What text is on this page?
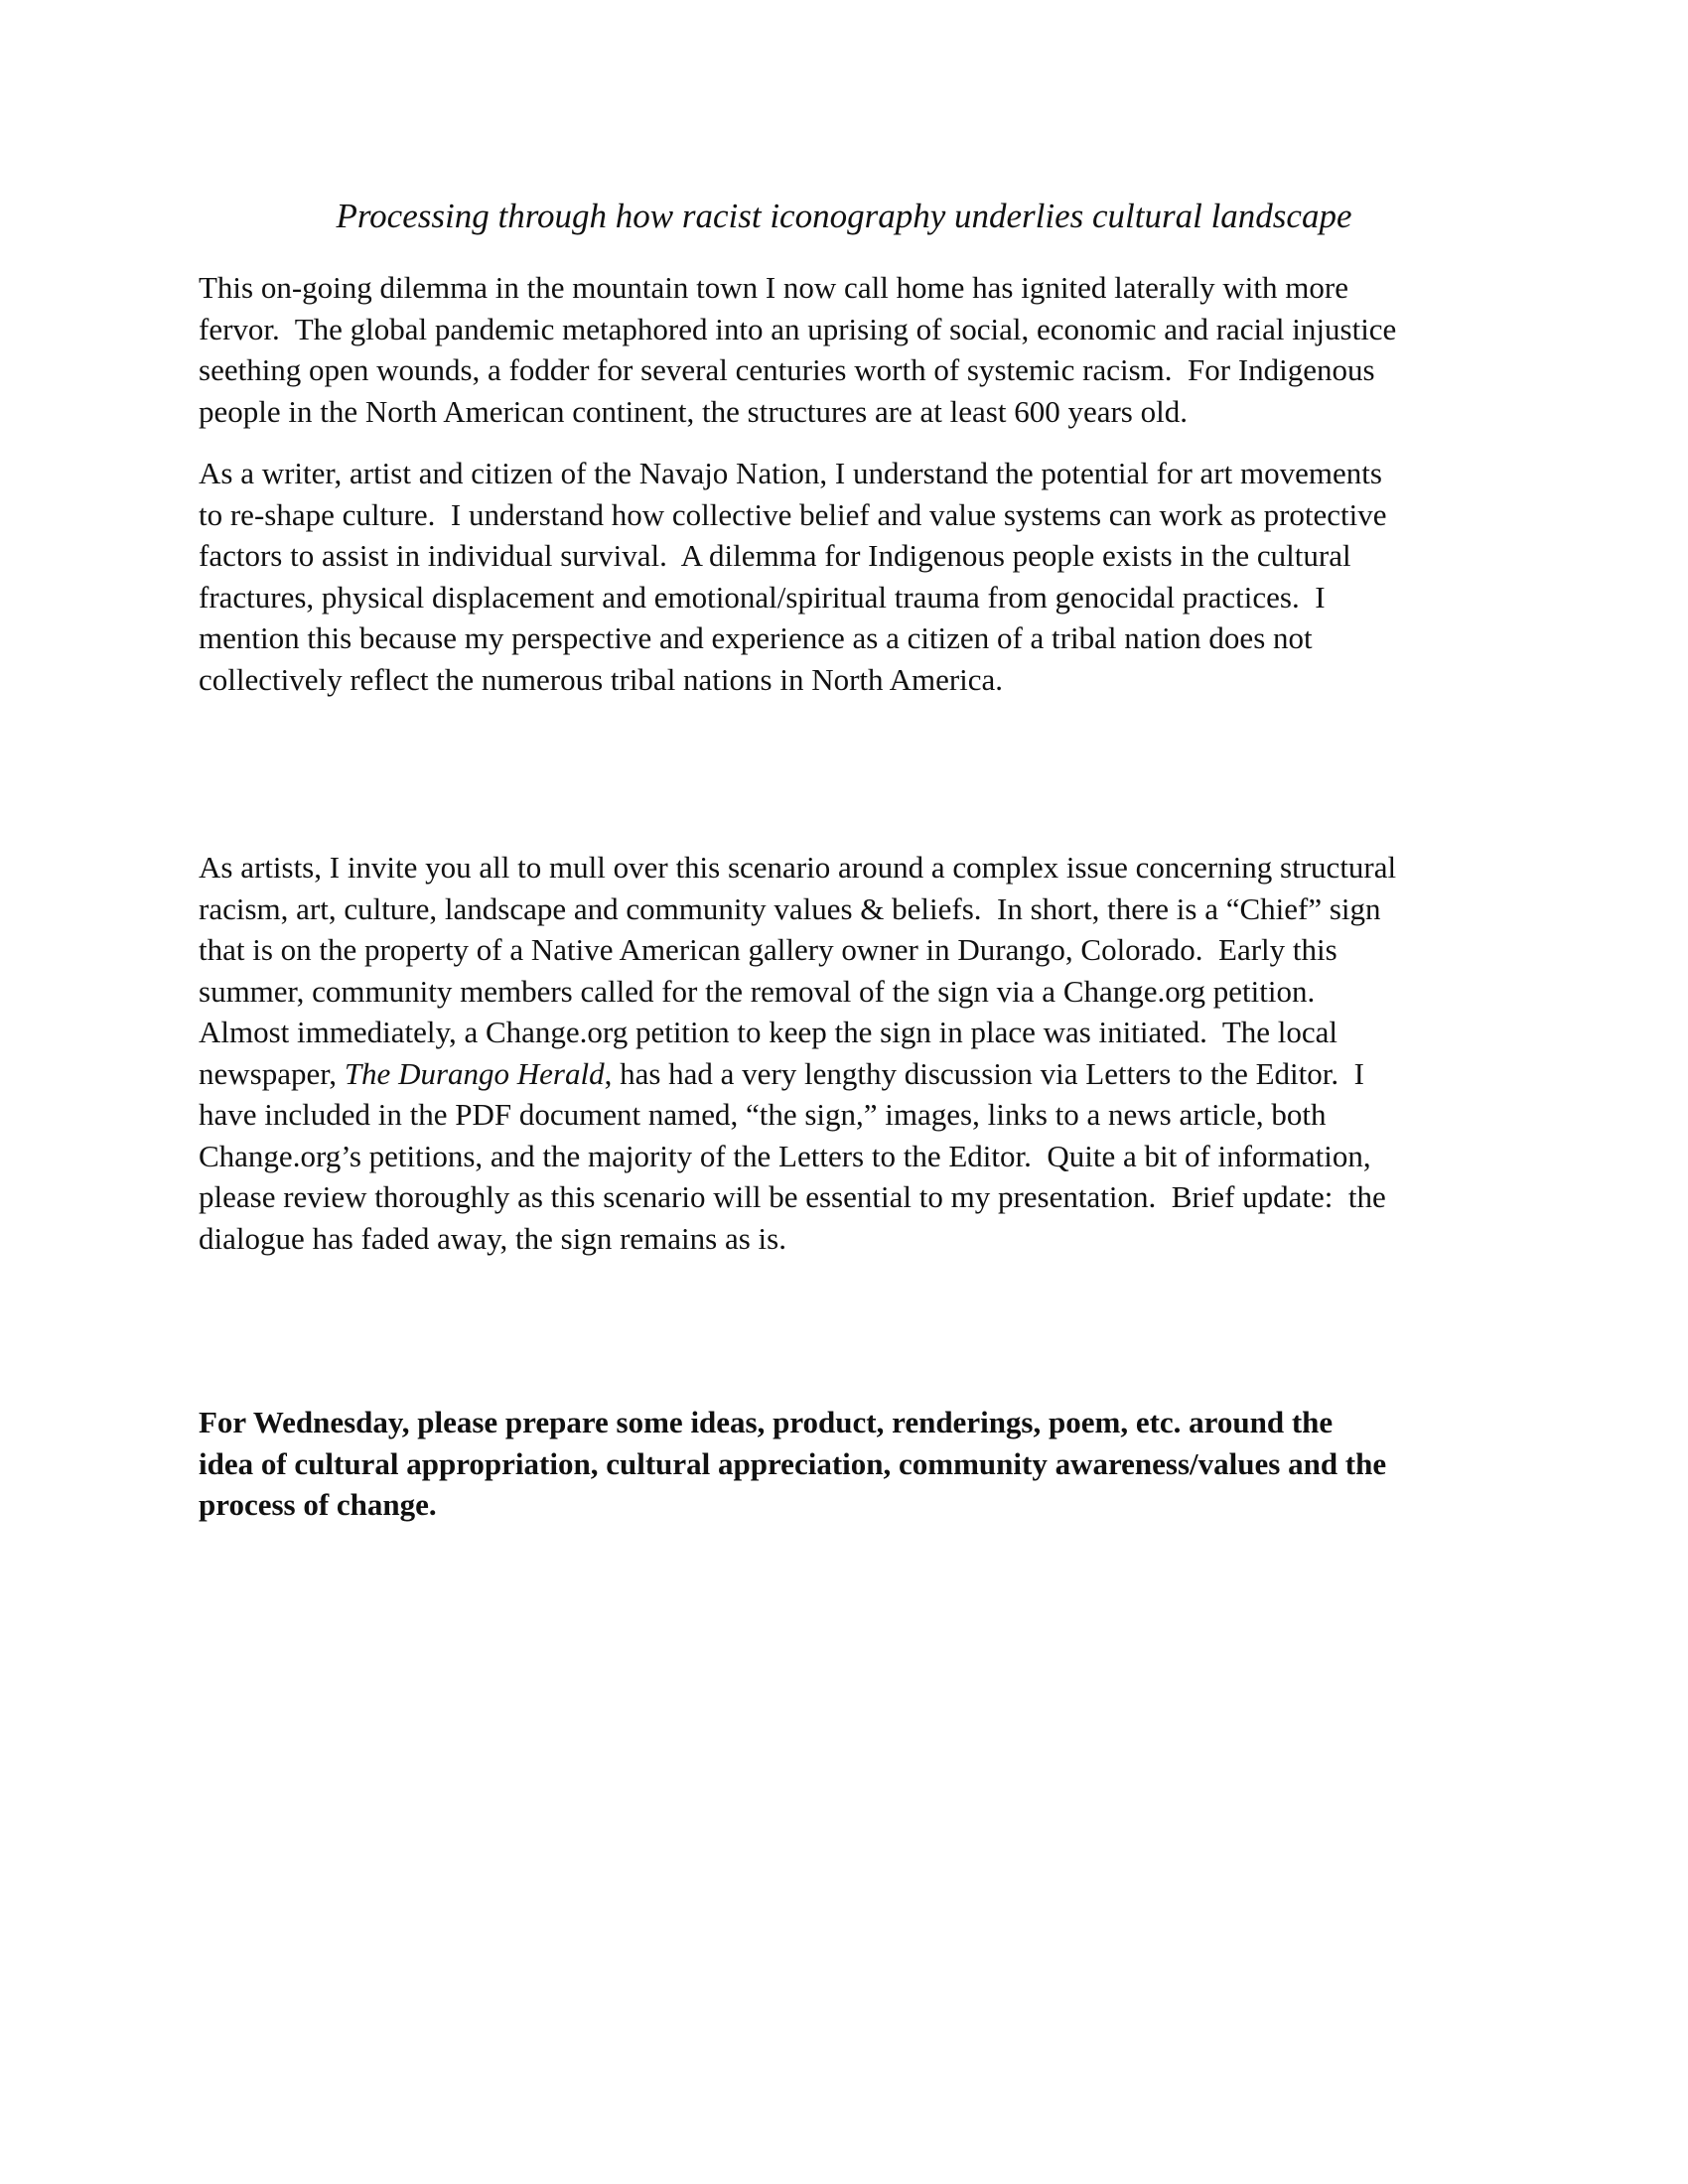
Processing through how racist iconography underlies cultural landscape

This on-going dilemma in the mountain town I now call home has ignited laterally with more
fervor.  The global pandemic metaphored into an uprising of social, economic and racial injustice
seething open wounds, a fodder for several centuries worth of systemic racism.  For Indigenous
people in the North American continent, the structures are at least 600 years old.

As a writer, artist and citizen of the Navajo Nation, I understand the potential for art movements
to re-shape culture.  I understand how collective belief and value systems can work as protective
factors to assist in individual survival.  A dilemma for Indigenous people exists in the cultural
fractures, physical displacement and emotional/spiritual trauma from genocidal practices.  I
mention this because my perspective and experience as a citizen of a tribal nation does not
collectively reflect the numerous tribal nations in North America.

As artists, I invite you all to mull over this scenario around a complex issue concerning structural
racism, art, culture, landscape and community values & beliefs.  In short, there is a “Chief” sign
that is on the property of a Native American gallery owner in Durango, Colorado.  Early this
summer, community members called for the removal of the sign via a Change.org petition.
Almost immediately, a Change.org petition to keep the sign in place was initiated.  The local
newspaper, The Durango Herald, has had a very lengthy discussion via Letters to the Editor.  I
have included in the PDF document named, “the sign,” images, links to a news article, both
Change.org’s petitions, and the majority of the Letters to the Editor.  Quite a bit of information,
please review thoroughly as this scenario will be essential to my presentation.  Brief update:  the
dialogue has faded away, the sign remains as is.

For Wednesday, please prepare some ideas, product, renderings, poem, etc. around the
idea of cultural appropriation, cultural appreciation, community awareness/values and the
process of change.
